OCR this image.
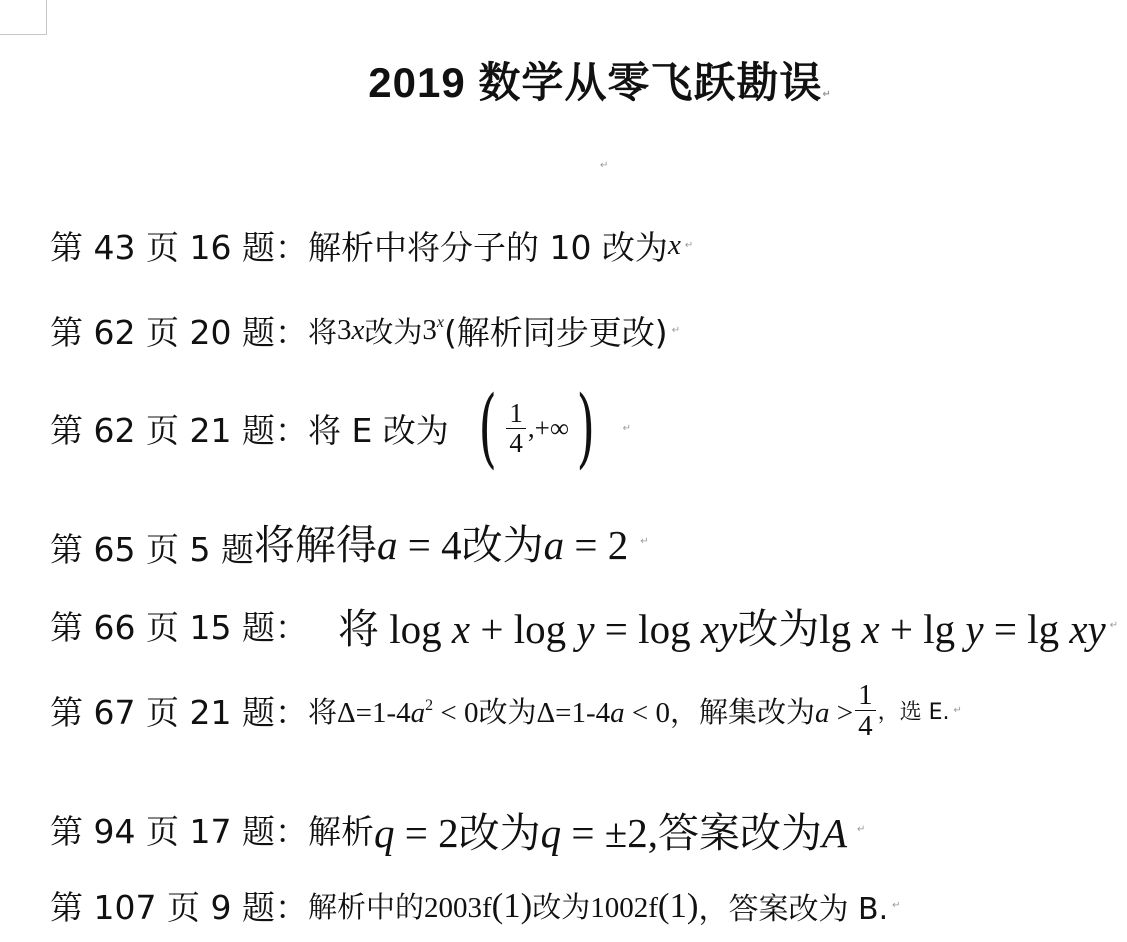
2019 数学从零飞跃勘误↵
↵
第 43 页 16 题： 解析中将分子的 10 改为 x ↵
第 62 页 20 题： 将 3x 改为 3$^x$ (解析同步更改) ↵
第 62 页 21 题： 将 E 改为 ( $\frac{1}{4}$ ,+∞ )	↵
第 65 页 5 题 将解得a = 4改为a = 2 ↵
第 66 页 15 题： 将 log x + log y = log xy改为lg x + lg y = lg xy ↵
第 67 页 21 题： 将$\Delta=1-4a^2 < 0$改为Δ=1-4a < 0，解集改为$a > \frac{1}{4}$ ，选 E. ↵
第 94 页 17 题： 解析 q = 2改为q = ±2,答案改为A ↵
第 107 页 9 题： 解析中的2003f(1)改为1002f(1) ，答案改为 B. ↵
